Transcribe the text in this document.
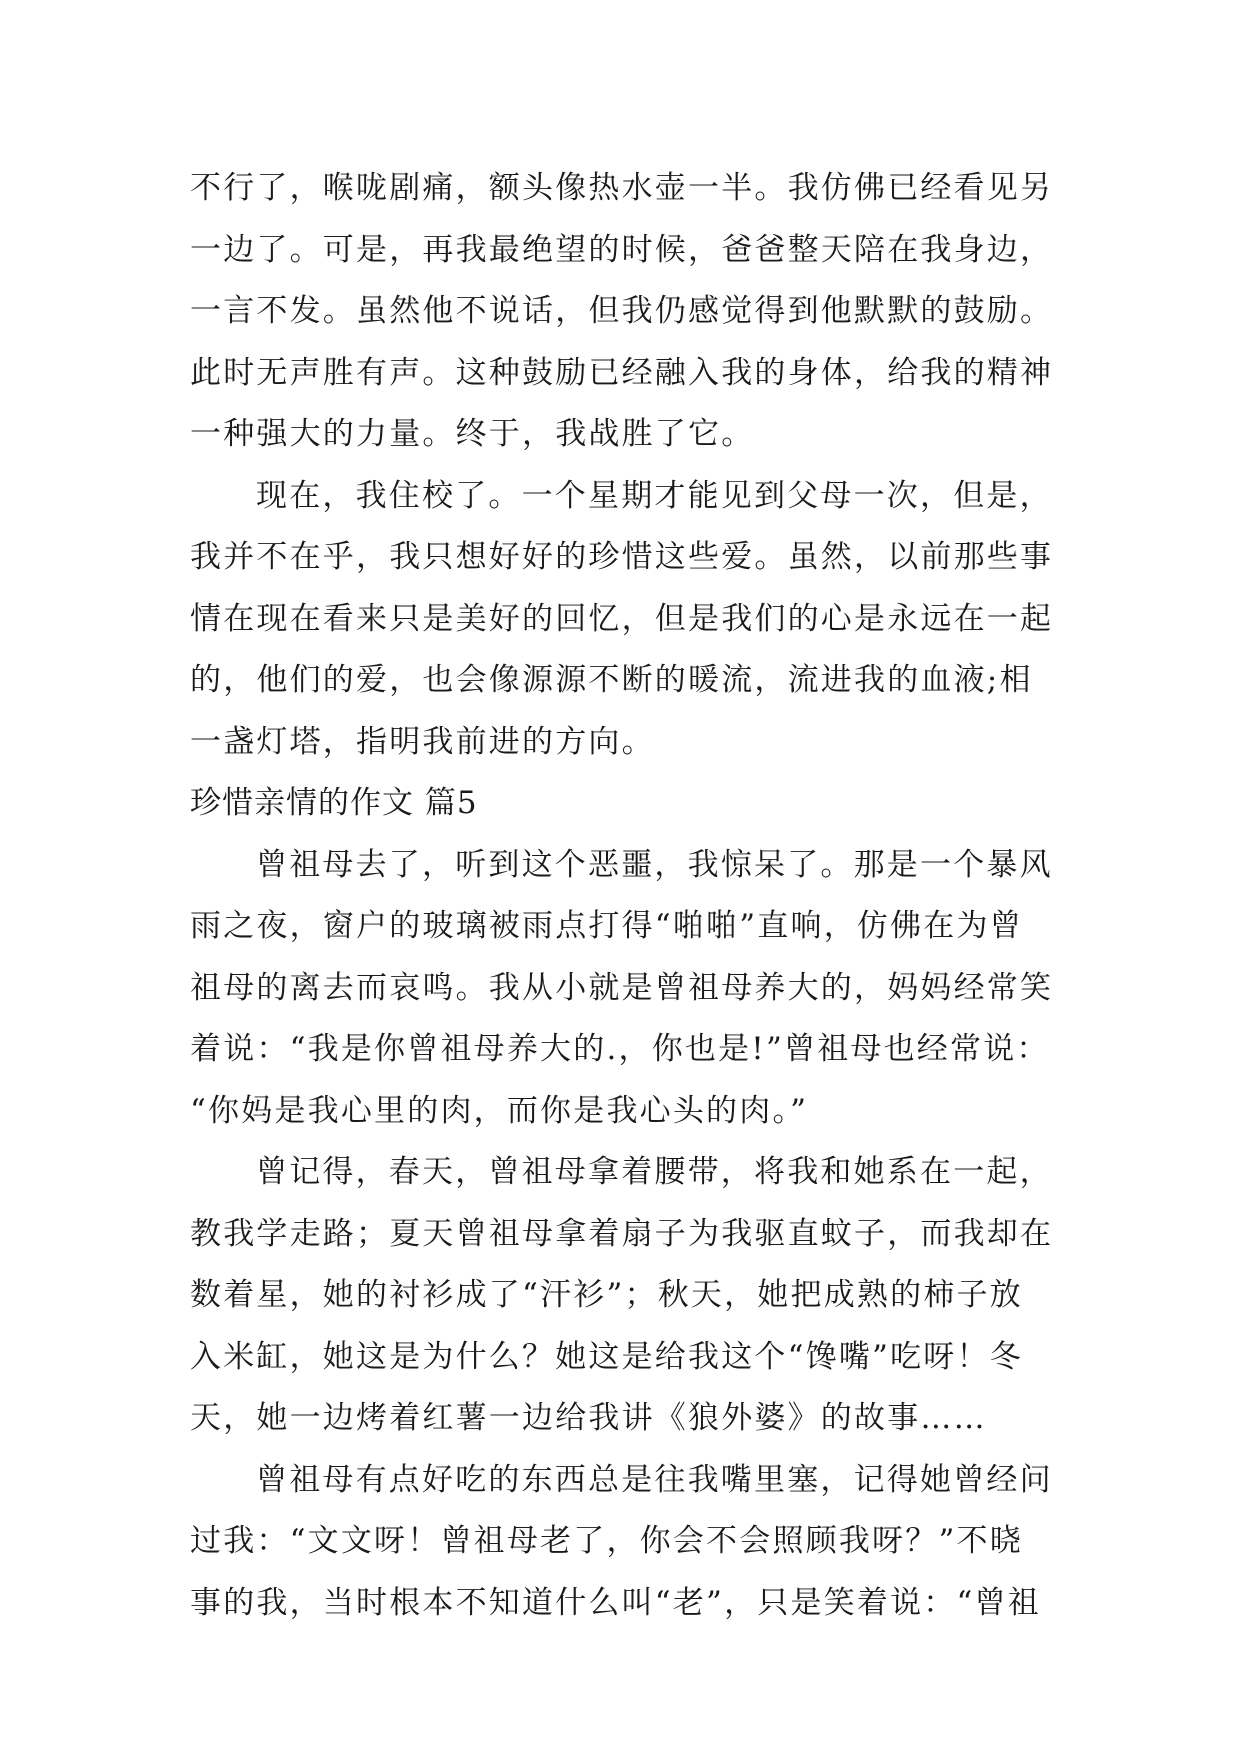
不行了，喉咙剧痛，额头像热水壶一半。我仿佛已经看见另
一边了。可是，再我最绝望的时候，爸爸整天陪在我身边，
一言不发。虽然他不说话，但我仍感觉得到他默默的鼓励。
此时无声胜有声。这种鼓励已经融入我的身体，给我的精神
一种强大的力量。终于，我战胜了它。
现在，我住校了。一个星期才能见到父母一次，但是，
我并不在乎，我只想好好的珍惜这些爱。虽然，以前那些事
情在现在看来只是美好的回忆，但是我们的心是永远在一起
的，他们的爱，也会像源源不断的暖流，流进我的血液;相
一盏灯塔，指明我前进的方向。
珍惜亲情的作文 篇5
曾祖母去了，听到这个恶噩，我惊呆了。那是一个暴风
雨之夜，窗户的玻璃被雨点打得“啪啪”直响，仿佛在为曾
祖母的离去而哀鸣。我从小就是曾祖母养大的，妈妈经常笑
着说：“我是你曾祖母养大的.，你也是!”曾祖母也经常说：
“你妈是我心里的肉，而你是我心头的肉。”
曾记得，春天，曾祖母拿着腰带，将我和她系在一起，
教我学走路；夏天曾祖母拿着扇子为我驱直蚊子，而我却在
数着星，她的衬衫成了“汗衫”；秋天，她把成熟的柿子放
入米缸，她这是为什么？她这是给我这个“馋嘴”吃呀！冬
天，她一边烤着红薯一边给我讲《狼外婆》的故事……
曾祖母有点好吃的东西总是往我嘴里塞，记得她曾经问
过我：“文文呀！曾祖母老了，你会不会照顾我呀？”不晓
事的我，当时根本不知道什么叫“老”，只是笑着说：“曾祖
